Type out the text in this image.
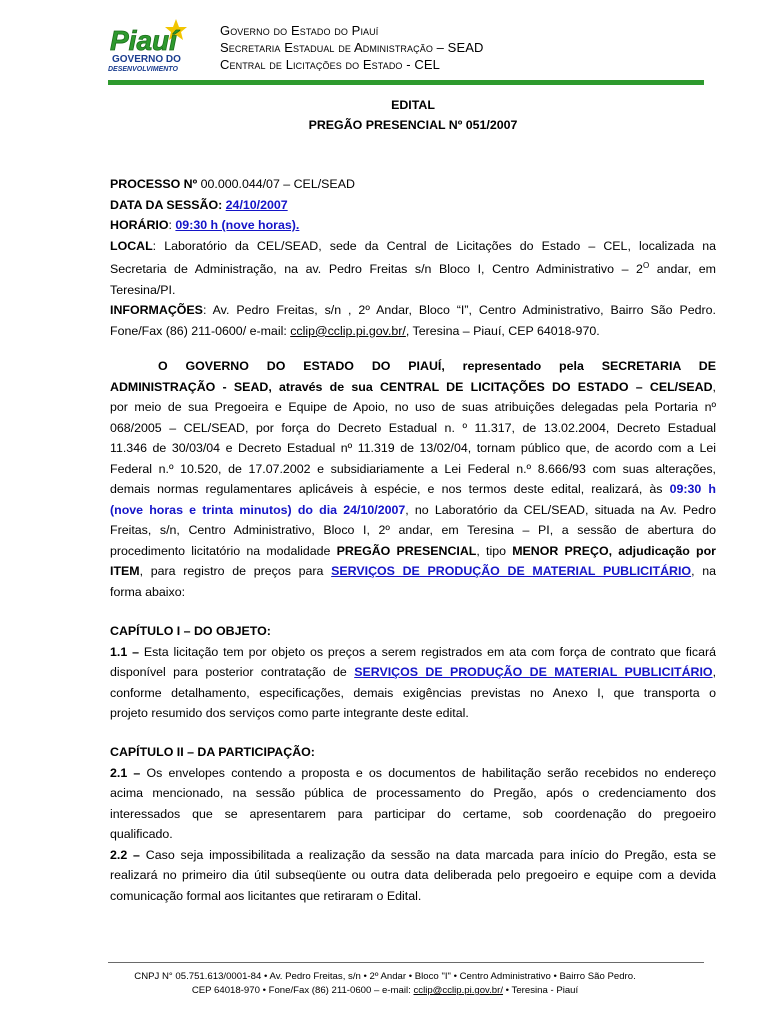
Piauí
GOVERNO DO
DESENVOLVIMENTO
Governo do Estado do Piauí
Secretaria Estadual de Administração – SEAD
Central de Licitações do Estado - CEL
EDITAL
PREGÃO PRESENCIAL Nº 051/2007
PROCESSO Nº 00.000.044/07 – CEL/SEAD
DATA DA SESSÃO: 24/10/2007
HORÁRIO: 09:30 h (nove horas).
LOCAL: Laboratório da CEL/SEAD, sede da Central de Licitações do Estado – CEL, localizada na
Secretaria de Administração, na av. Pedro Freitas s/n Bloco I, Centro Administrativo – $2^O$ andar, em
Teresina/PI.
INFORMAÇÕES: Av. Pedro Freitas, s/n , 2º Andar, Bloco “I”, Centro Administrativo, Bairro São Pedro.
Fone/Fax (86) 211-0600/ e-mail: cclip@cclip.pi.gov.br/, Teresina – Piauí, CEP 64018-970.
O GOVERNO DO ESTADO DO PIAUÍ, representado pela SECRETARIA DE
ADMINISTRAÇÃO - SEAD, através de sua CENTRAL DE LICITAÇÕES DO ESTADO – CEL/SEAD,
por meio de sua Pregoeira e Equipe de Apoio, no uso de suas atribuições delegadas pela Portaria nº
068/2005 – CEL/SEAD, por força do Decreto Estadual n. º 11.317, de 13.02.2004, Decreto Estadual
11.346 de 30/03/04 e Decreto Estadual nº 11.319 de 13/02/04, tornam público que, de acordo com a Lei
Federal n.º 10.520, de 17.07.2002 e subsidiariamente a Lei Federal n.º 8.666/93 com suas alterações,
demais normas regulamentares aplicáveis à espécie, e nos termos deste edital, realizará, às 09:30 h
(nove horas e trinta minutos) do dia 24/10/2007, no Laboratório da CEL/SEAD, situada na Av. Pedro
Freitas, s/n, Centro Administrativo, Bloco I, 2º andar, em Teresina – PI, a sessão de abertura do
procedimento licitatório na modalidade PREGÃO PRESENCIAL, tipo MENOR PREÇO, adjudicação por
ITEM, para registro de preços para SERVIÇOS DE PRODUÇÃO DE MATERIAL PUBLICITÁRIO, na
forma abaixo:
CAPÍTULO I – DO OBJETO:
1.1 – Esta licitação tem por objeto os preços a serem registrados em ata com força de contrato que ficará
disponível para posterior contratação de SERVIÇOS DE PRODUÇÃO DE MATERIAL PUBLICITÁRIO,
conforme detalhamento, especificações, demais exigências previstas no Anexo I, que transporta o
projeto resumido dos serviços como parte integrante deste edital.
CAPÍTULO II – DA PARTICIPAÇÃO:
2.1 – Os envelopes contendo a proposta e os documentos de habilitação serão recebidos no endereço
acima mencionado, na sessão pública de processamento do Pregão, após o credenciamento dos
interessados que se apresentarem para participar do certame, sob coordenação do pregoeiro
qualificado.
2.2 – Caso seja impossibilitada a realização da sessão na data marcada para início do Pregão, esta se
realizará no primeiro dia útil subseqüente ou outra data deliberada pelo pregoeiro e equipe com a devida
comunicação formal aos licitantes que retiraram o Edital.
CNPJ N° 05.751.613/0001-84 • Av. Pedro Freitas, s/n • 2º Andar • Bloco "I" • Centro Administrativo • Bairro São Pedro.
CEP 64018-970 • Fone/Fax (86) 211-0600 – e-mail: cclip@cclip.pi.gov.br/ • Teresina - Piauí
